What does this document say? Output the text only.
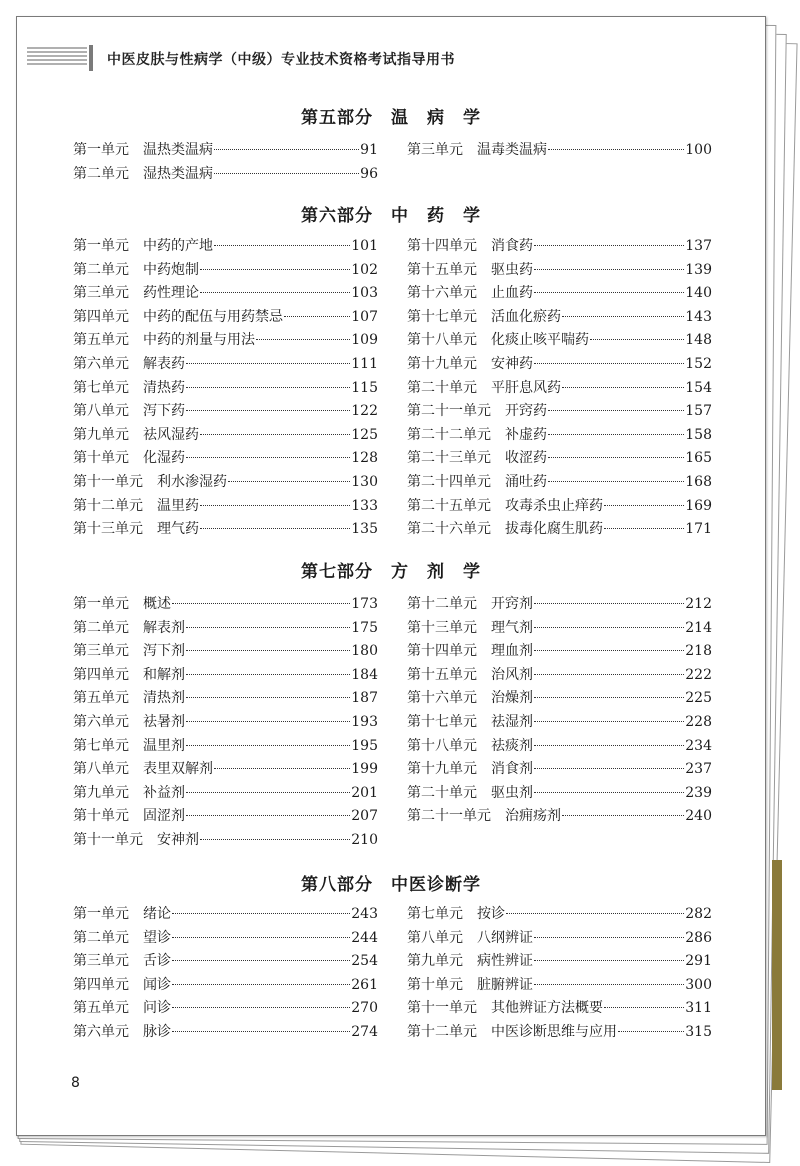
中医皮肤与性病学（中级）专业技术资格考试指导用书
第五部分　温　病　学
第一单元 温热类温病	91
第二单元 湿热类温病	96
第三单元 温毒类温病	100
第六部分　中　药　学
第一单元 中药的产地	101
第二单元 中药炮制	102
第三单元 药性理论	103
第四单元 中药的配伍与用药禁忌	107
第五单元 中药的剂量与用法	109
第六单元 解表药	111
第七单元 清热药	115
第八单元 泻下药	122
第九单元 祛风湿药	125
第十单元 化湿药	128
第十一单元 利水渗湿药	130
第十二单元 温里药	133
第十三单元 理气药	135
第十四单元 消食药	137
第十五单元 驱虫药	139
第十六单元 止血药	140
第十七单元 活血化瘀药	143
第十八单元 化痰止咳平喘药	148
第十九单元 安神药	152
第二十单元 平肝息风药	154
第二十一单元 开窍药	157
第二十二单元 补虚药	158
第二十三单元 收涩药	165
第二十四单元 涌吐药	168
第二十五单元 攻毒杀虫止痒药	169
第二十六单元 拔毒化腐生肌药	171
第七部分　方　剂　学
第一单元 概述	173
第二单元 解表剂	175
第三单元 泻下剂	180
第四单元 和解剂	184
第五单元 清热剂	187
第六单元 祛暑剂	193
第七单元 温里剂	195
第八单元 表里双解剂	199
第九单元 补益剂	201
第十单元 固涩剂	207
第十一单元 安神剂	210
第十二单元 开窍剂	212
第十三单元 理气剂	214
第十四单元 理血剂	218
第十五单元 治风剂	222
第十六单元 治燥剂	225
第十七单元 祛湿剂	228
第十八单元 祛痰剂	234
第十九单元 消食剂	237
第二十单元 驱虫剂	239
第二十一单元 治痈疡剂	240
第八部分　中医诊断学
第一单元 绪论	243
第二单元 望诊	244
第三单元 舌诊	254
第四单元 闻诊	261
第五单元 问诊	270
第六单元 脉诊	274
第七单元 按诊	282
第八单元 八纲辨证	286
第九单元 病性辨证	291
第十单元 脏腑辨证	300
第十一单元 其他辨证方法概要	311
第十二单元 中医诊断思维与应用	315
8
